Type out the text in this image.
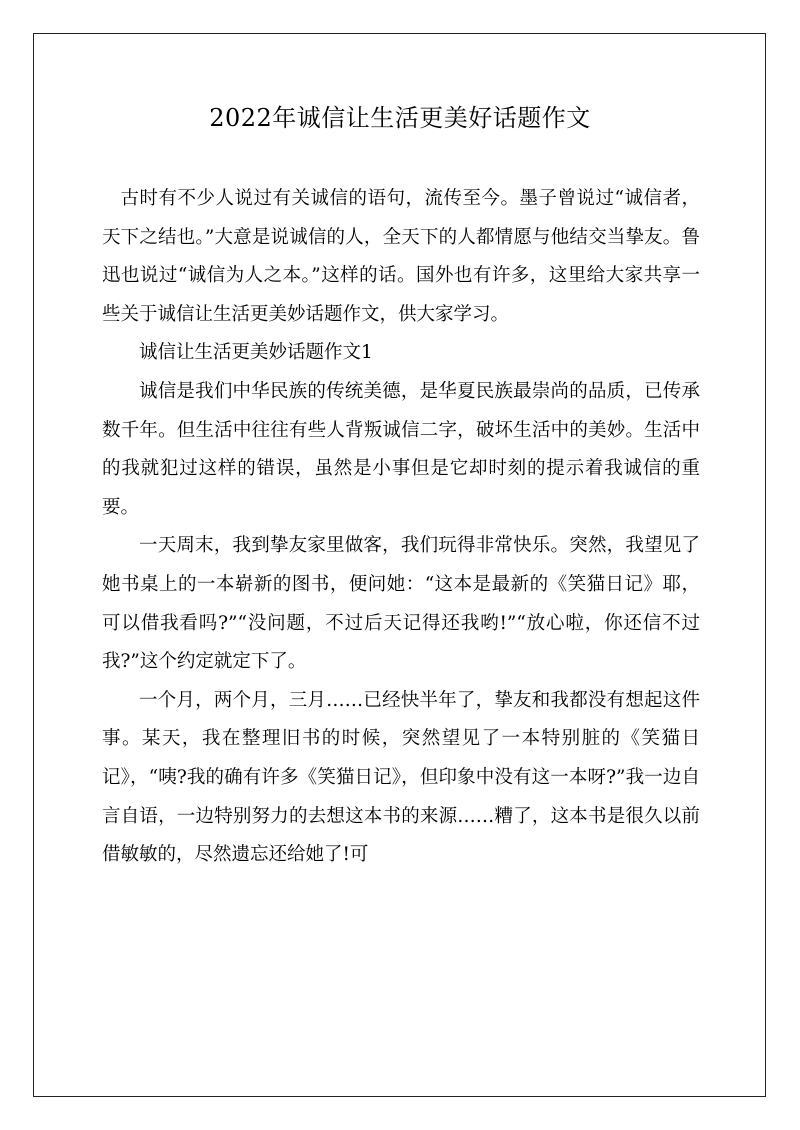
2022年诚信让生活更美好话题作文

古时有不少人说过有关诚信的语句，流传至今。墨子曾说过“诚信者，天下之结也。”大意是说诚信的人，全天下的人都情愿与他结交当挚友。鲁迅也说过“诚信为人之本。”这样的话。国外也有许多，这里给大家共享一些关于诚信让生活更美妙话题作文，供大家学习。

诚信让生活更美妙话题作文1

诚信是我们中华民族的传统美德，是华夏民族最崇尚的品质，已传承数千年。但生活中往往有些人背叛诚信二字，破坏生活中的美妙。生活中的我就犯过这样的错误，虽然是小事但是它却时刻的提示着我诚信的重要。

一天周末，我到挚友家里做客，我们玩得非常快乐。突然，我望见了她书桌上的一本崭新的图书，便问她：“这本是最新的《笑猫日记》耶，可以借我看吗?”“没问题，不过后天记得还我哟!”“放心啦，你还信不过我?”这个约定就定下了。

一个月，两个月，三月……已经快半年了，挚友和我都没有想起这件事。某天，我在整理旧书的时候，突然望见了一本特别脏的《笑猫日记》，“咦?我的确有许多《笑猫日记》，但印象中没有这一本呀?”我一边自言自语，一边特别努力的去想这本书的来源……糟了，这本书是很久以前借敏敏的，尽然遗忘还给她了!可
